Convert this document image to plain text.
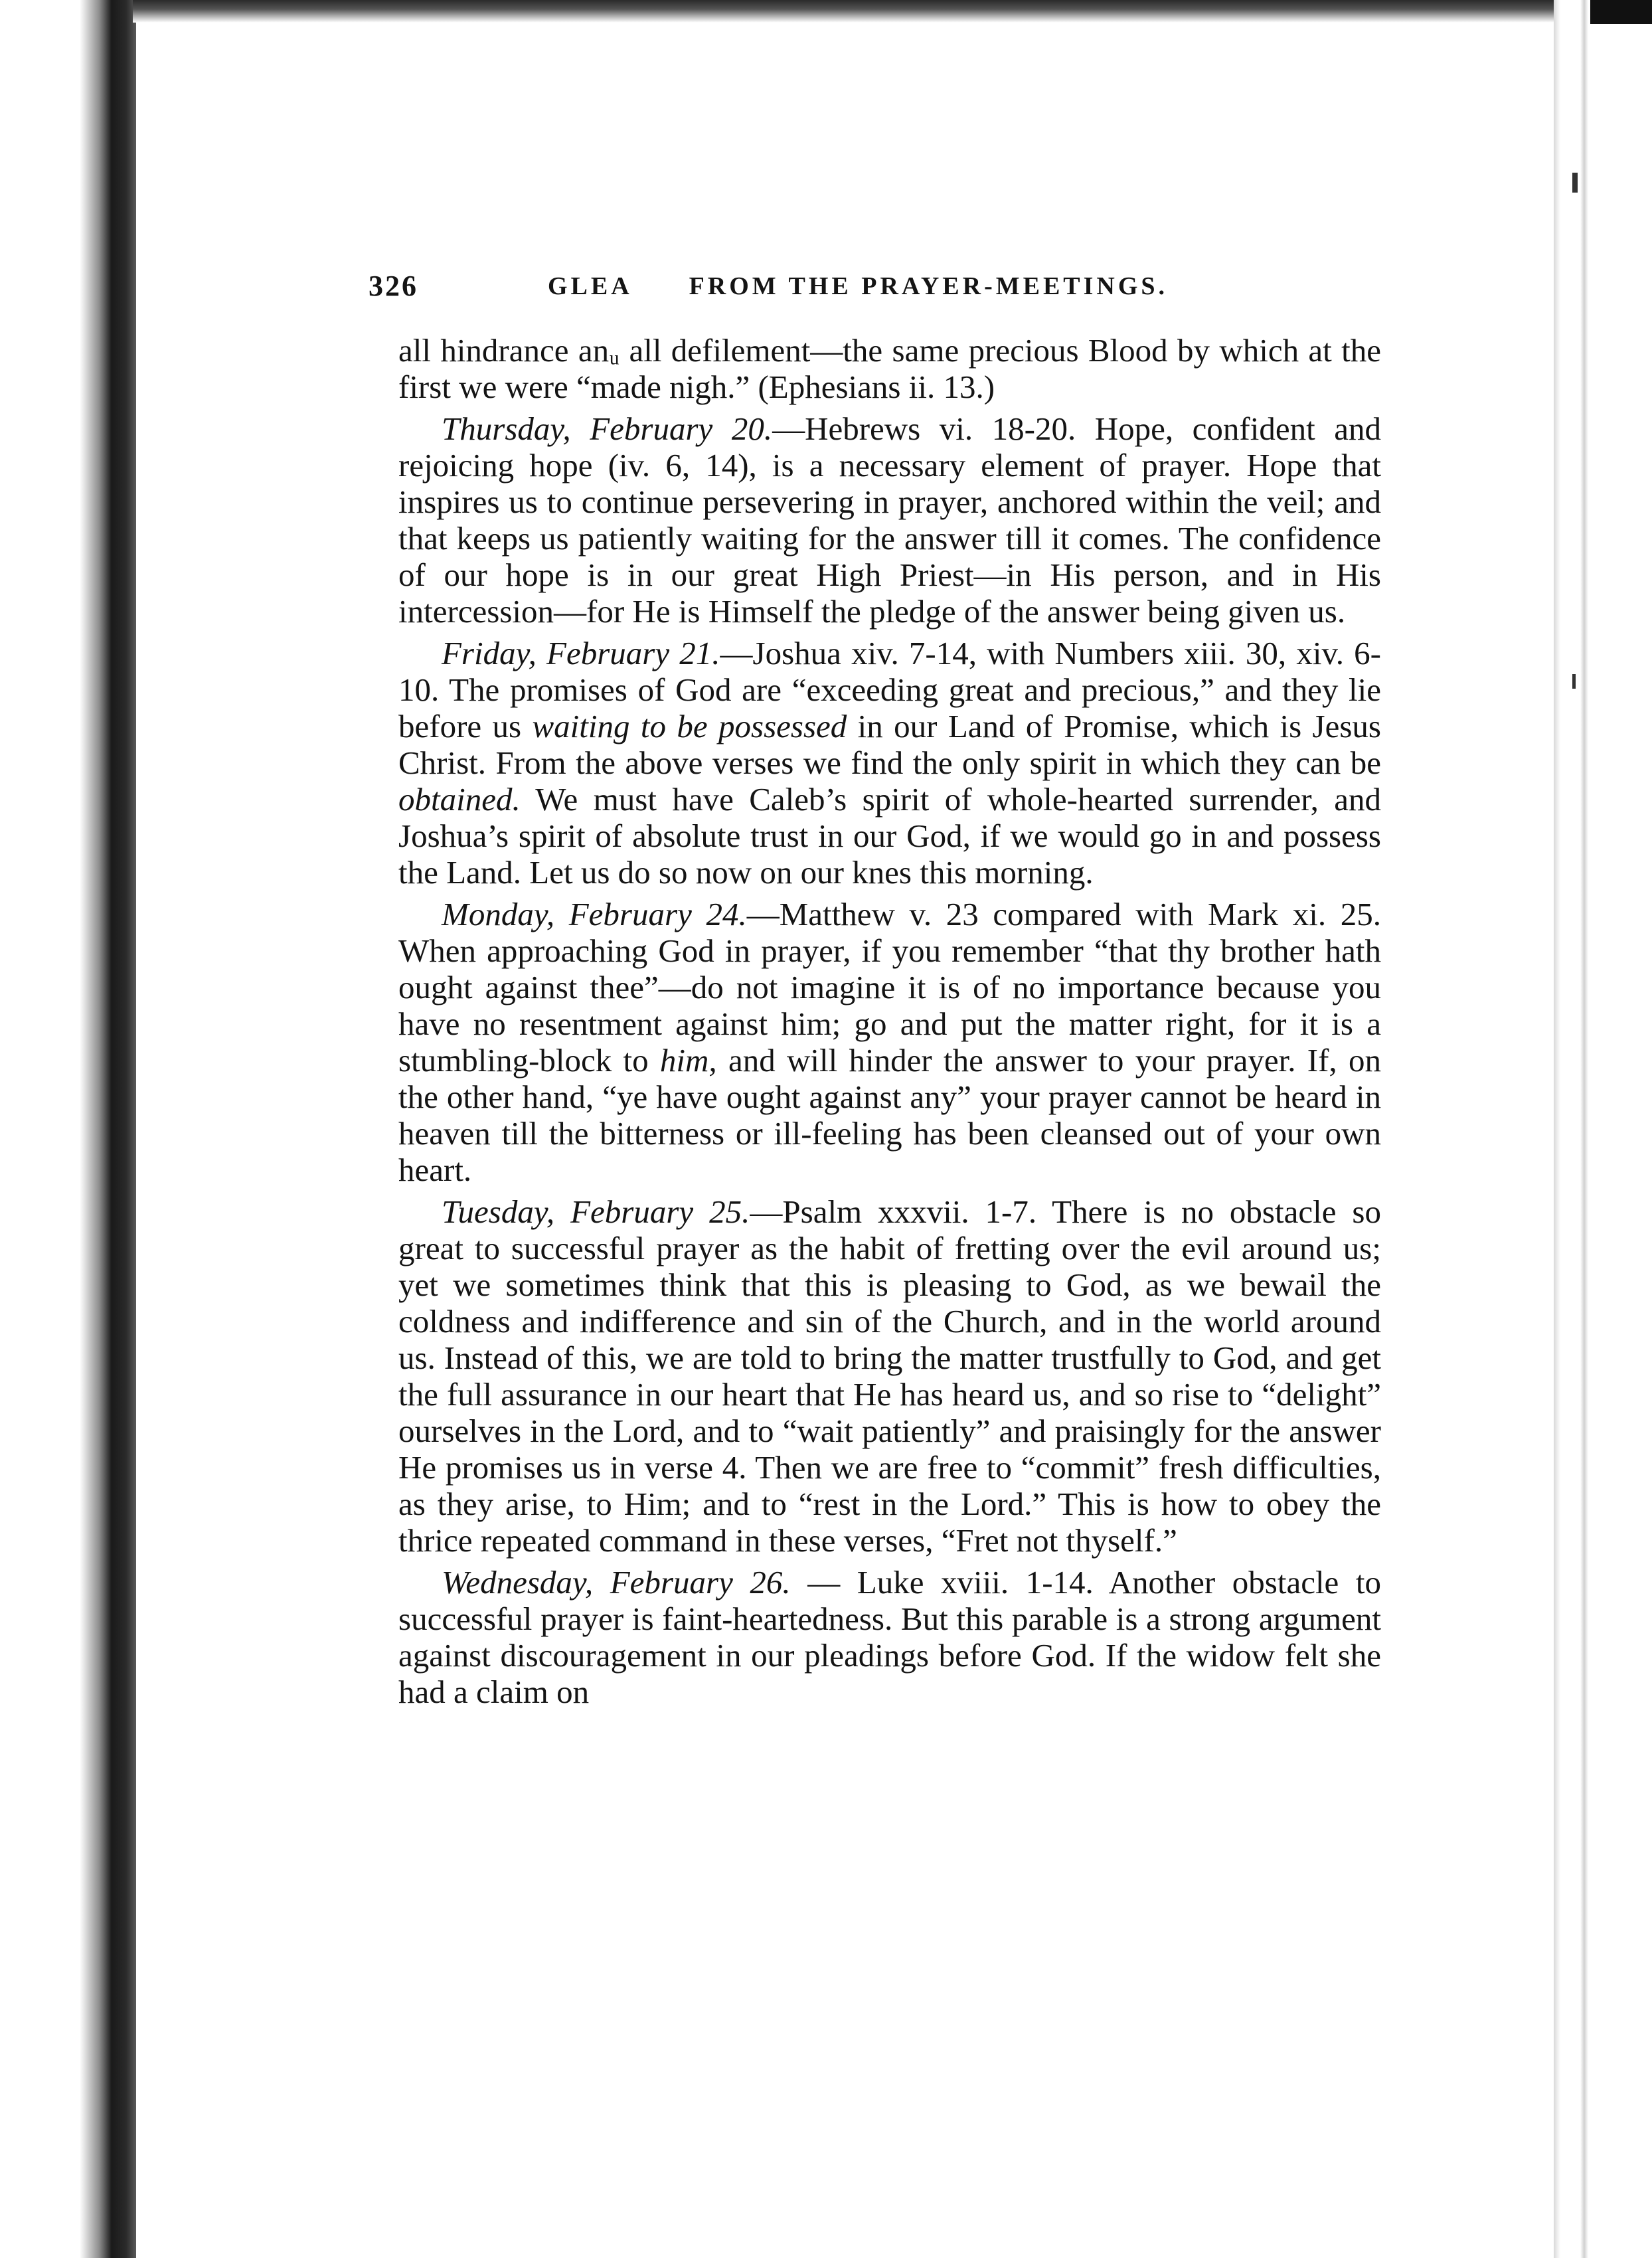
326	GLEA      FROM THE PRAYER-MEETINGS.

all hindrance anᵤ all defilement—the same precious Blood by which at the first we were “made nigh.” (Ephesians ii. 13.)

Thursday, February 20.—Hebrews vi. 18-20. Hope, confident and rejoicing hope (iv. 6, 14), is a necessary element of prayer. Hope that inspires us to continue persevering in prayer, anchored within the veil; and that keeps us patiently waiting for the answer till it comes. The confidence of our hope is in our great High Priest—in His person, and in His intercession—for He is Himself the pledge of the answer being given us.

Friday, February 21.—Joshua xiv. 7-14, with Numbers xiii. 30, xiv. 6-10. The promises of God are “exceeding great and precious,” and they lie before us waiting to be possessed in our Land of Promise, which is Jesus Christ. From the above verses we find the only spirit in which they can be obtained. We must have Caleb’s spirit of whole-hearted surrender, and Joshua’s spirit of absolute trust in our God, if we would go in and possess the Land. Let us do so now on our kne⁠⁠s this morning.

Monday, February 24.—Matthew v. 23 compared with Mark xi. 25. When approaching God in prayer, if you remember “that thy brother hath ought against thee”—do not imagine it is of no importance because you have no resentment against him; go and put the matter right, for it is a stumbling-block to him, and will hinder the answer to your prayer. If, on the other hand, “ye have ought against any” your prayer cannot be heard in heaven till the bitterness or ill-feeling has been cleansed out of your own heart.

Tuesday, February 25.—Psalm xxxvii. 1-7. There is no obstacle so great to successful prayer as the habit of fretting over the evil around us; yet we sometimes think that this is pleasing to God, as we bewail the coldness and indifference and sin of the Church, and in the world around us. Instead of this, we are told to bring the matter trustfully to God, and get the full assurance in our heart that He has heard us, and so rise to “delight” ourselves in the Lord, and to “wait patiently” and praisingly for the answer He promises us in verse 4. Then we are free to “commit” fresh difficulties, as they arise, to Him; and to “rest in the Lord.” This is how to obey the thrice repeated command in these verses, “Fret not thyself.”

Wednesday, February 26. — Luke xviii. 1-14. Another obstacle to successful prayer is faint-heartedness. But this parable is a strong argument against discouragement in our pleadings before God. If the widow felt she had a claim on
